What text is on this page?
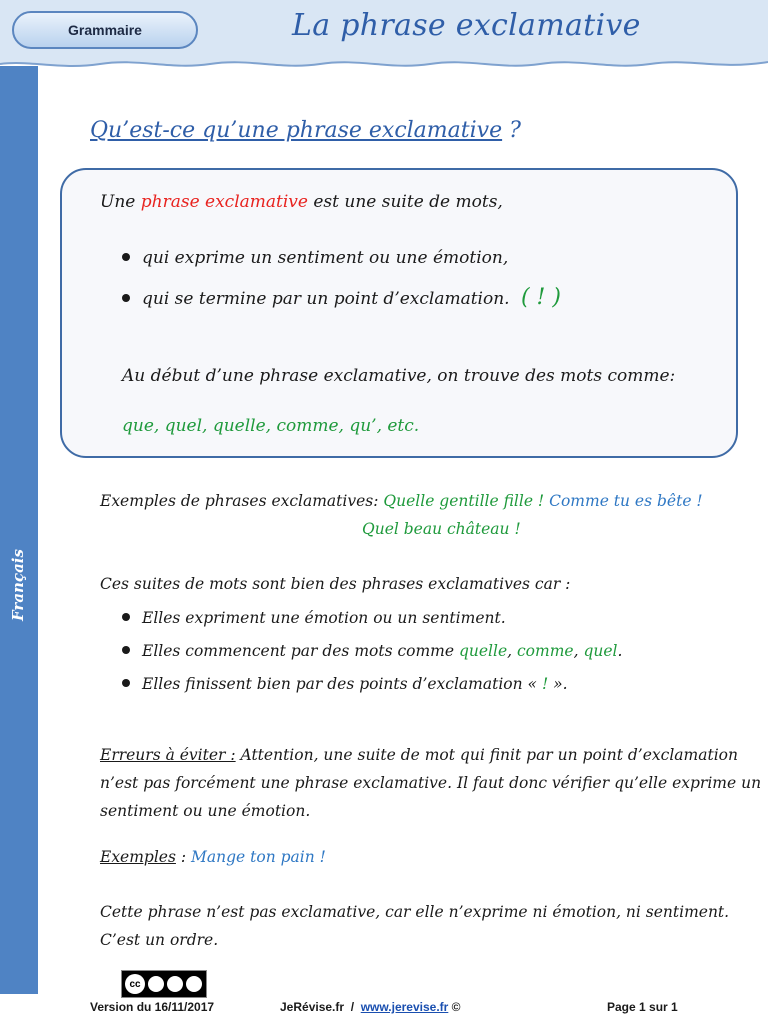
Grammaire	La phrase exclamative
Français
Qu’est-ce qu’une phrase exclamative ?
Une phrase exclamative est une suite de mots,
qui exprime un sentiment ou une émotion,
qui se termine par un point d’exclamation. ( ! )
Au début d’une phrase exclamative, on trouve des mots comme:
que, quel, quelle, comme, qu’, etc.
Exemples de phrases exclamatives: Quelle gentille fille ! Comme tu es bête !
Quel beau château !
Ces suites de mots sont bien des phrases exclamatives car :
Elles expriment une émotion ou un sentiment.
Elles commencent par des mots comme quelle, comme, quel.
Elles finissent bien par des points d’exclamation « ! ».
Erreurs à éviter : Attention, une suite de mot qui finit par un point d’exclamation
n’est pas forcément une phrase exclamative. Il faut donc vérifier qu’elle exprime un
sentiment ou une émotion.
Exemples : Mange ton pain !
Cette phrase n’est pas exclamative, car elle n’exprime ni émotion, ni sentiment.
C’est un ordre.
cc
Version du 16/11/2017	JeRévise.fr  /  www.jerevise.fr ©	Page 1 sur 1
